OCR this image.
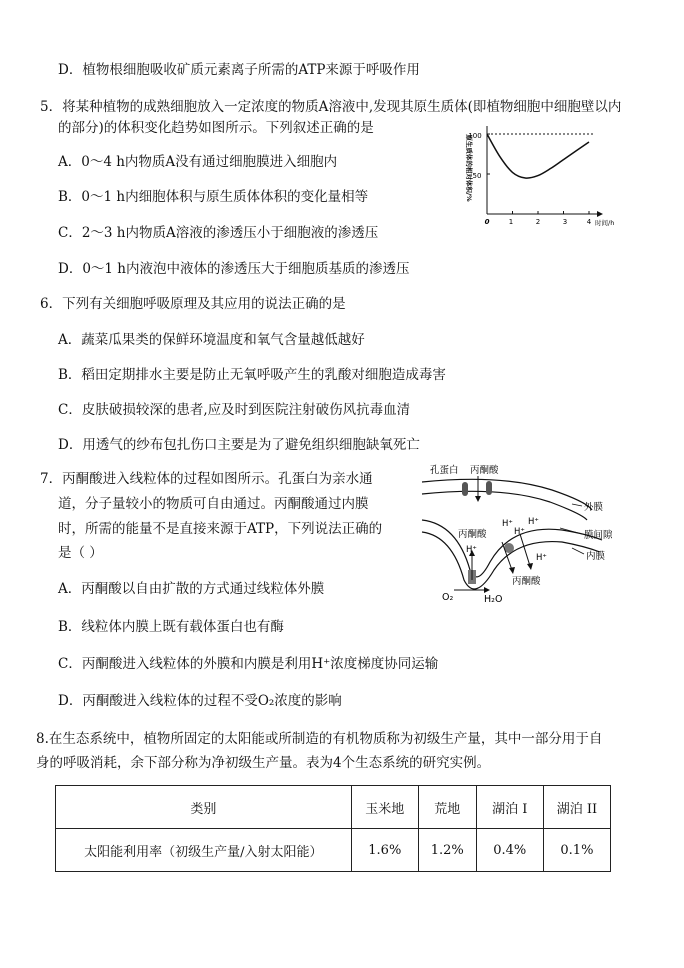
D．植物根细胞吸收矿质元素离子所需的ATP来源于呼吸作用
5．将某种植物的成熟细胞放入一定浓度的物质A溶液中,发现其原生质体(即植物细胞中细胞壁以内
的部分)的体积变化趋势如图所示。下列叙述正确的是
A．0～4 h内物质A没有通过细胞膜进入细胞内
B．0～1 h内细胞体积与原生质体体积的变化量相等
C．2～3 h内物质A溶液的渗透压小于细胞液的渗透压
D．0～1 h内液泡中液体的渗透压大于细胞质基质的渗透压
100
50
0	1	2	3	4 时间/h
原生质体的相对体积/%
6．下列有关细胞呼吸原理及其应用的说法正确的是
A．蔬菜瓜果类的保鲜环境温度和氧气含量越低越好
B．稻田定期排水主要是防止无氧呼吸产生的乳酸对细胞造成毒害
C．皮肤破损较深的患者,应及时到医院注射破伤风抗毒血清
D．用透气的纱布包扎伤口主要是为了避免组织细胞缺氧死亡
7．丙酮酸进入线粒体的过程如图所示。孔蛋白为亲水通
道，分子量较小的物质可自由通过。丙酮酸通过内膜
时，所需的能量不是直接来源于ATP，下列说法正确的
是（ ）
A．丙酮酸以自由扩散的方式通过线粒体外膜
B．线粒体内膜上既有载体蛋白也有酶
C．丙酮酸进入线粒体的外膜和内膜是利用H⁺浓度梯度协同运输
D．丙酮酸进入线粒体的过程不受O₂浓度的影响
孔蛋白 丙酮酸
外膜
膜间隙
内膜
丙酮酸
丙酮酸
H⁺ H⁺
H⁺
H⁺
H⁺
O₂	H₂O
8.在生态系统中，植物所固定的太阳能或所制造的有机物质称为初级生产量，其中一部分用于自
身的呼吸消耗，余下部分称为净初级生产量。表为4个生态系统的研究实例。
类别	玉米地	荒地	湖泊 I	湖泊 II
太阳能利用率（初级生产量/入射太阳能）	1.6%	1.2%	0.4%	0.1%
